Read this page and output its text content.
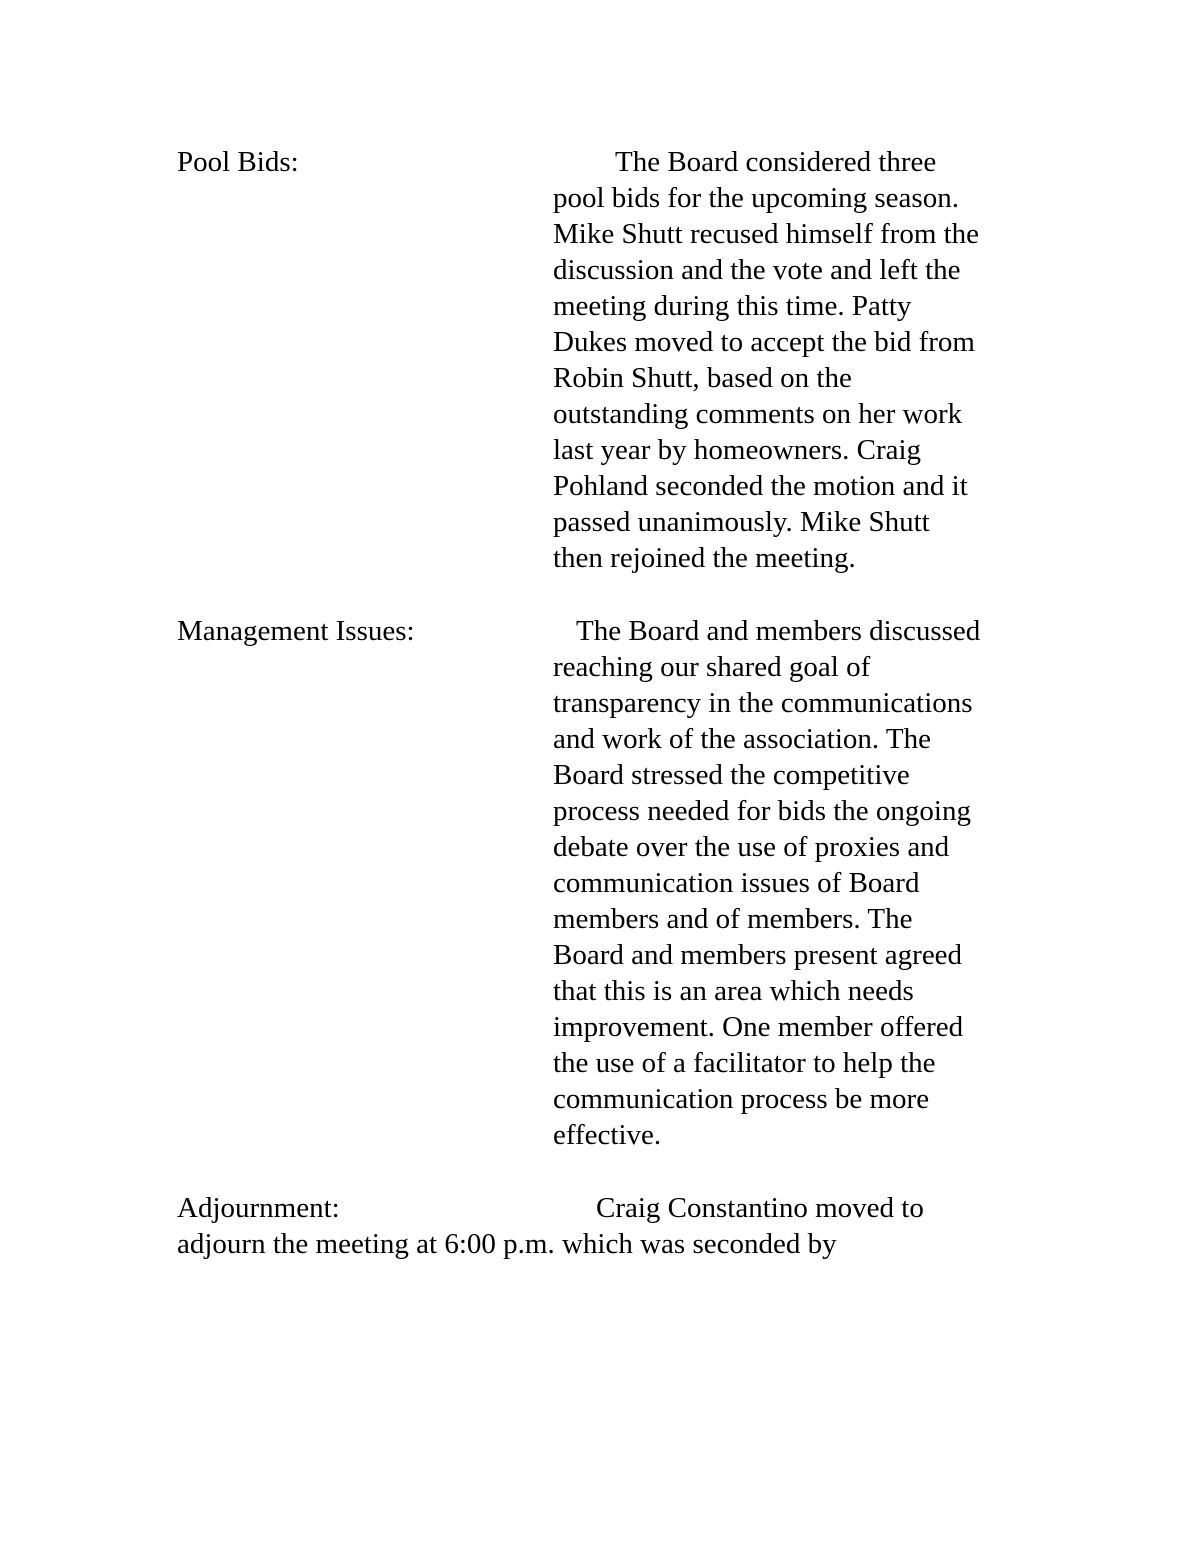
Pool Bids:	The Board considered three
pool bids for the upcoming season.
Mike Shutt recused himself from the
discussion and the vote and left the
meeting during this time. Patty
Dukes moved to accept the bid from
Robin Shutt, based on the
outstanding comments on her work
last year by homeowners. Craig
Pohland seconded the motion and it
passed unanimously. Mike Shutt
then rejoined the meeting.
Management Issues:	The Board and members discussed
reaching our shared goal of
transparency in the communications
and work of the association. The
Board stressed the competitive
process needed for bids the ongoing
debate over the use of proxies and
communication issues of Board
members and of members. The
Board and members present agreed
that this is an area which needs
improvement. One member offered
the use of a facilitator to help the
communication process be more
effective.
Adjournment:	Craig Constantino moved to
adjourn the meeting at 6:00 p.m. which was seconded by
